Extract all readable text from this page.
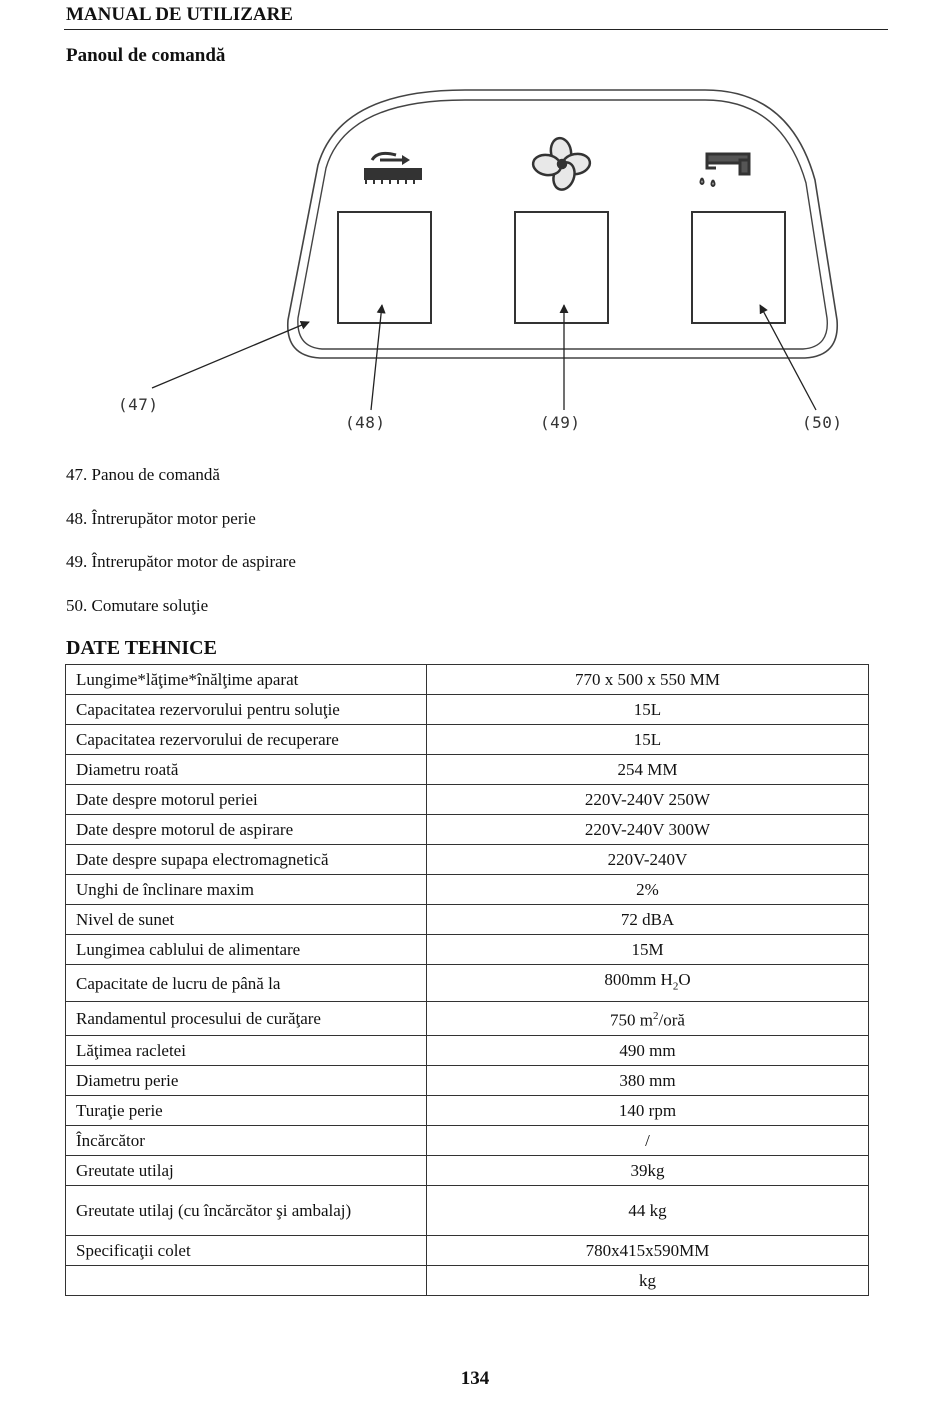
MANUAL DE UTILIZARE
Panoul de comandă
(47)
(48)	(49)	(50)
47. Panou de comandă
48. Întrerupător motor perie
49. Întrerupător motor de aspirare
50. Comutare soluţie
DATE TEHNICE
Lungime*lăţime*înălţime aparat	770 x 500 x 550 MM
Capacitatea rezervorului pentru soluţie	15L
Capacitatea rezervorului de recuperare	15L
Diametru roată	254 MM
Date despre motorul periei	220V-240V 250W
Date despre motorul de aspirare	220V-240V 300W
Date despre supapa electromagnetică	220V-240V
Unghi de înclinare maxim	2%
Nivel de sunet	72 dBA
Lungimea cablului de alimentare	15M
Capacitate de lucru de până la	800mm $H_2O$
Randamentul procesului de curăţare	750 $m^2$/oră
Lăţimea racletei	490 mm
Diametru perie	380 mm
Turaţie perie	140 rpm
Încărcător	/
Greutate utilaj	39kg
Greutate utilaj (cu încărcător şi ambalaj)	44 kg
Specificaţii colet	780x415x590MM
	kg
134
